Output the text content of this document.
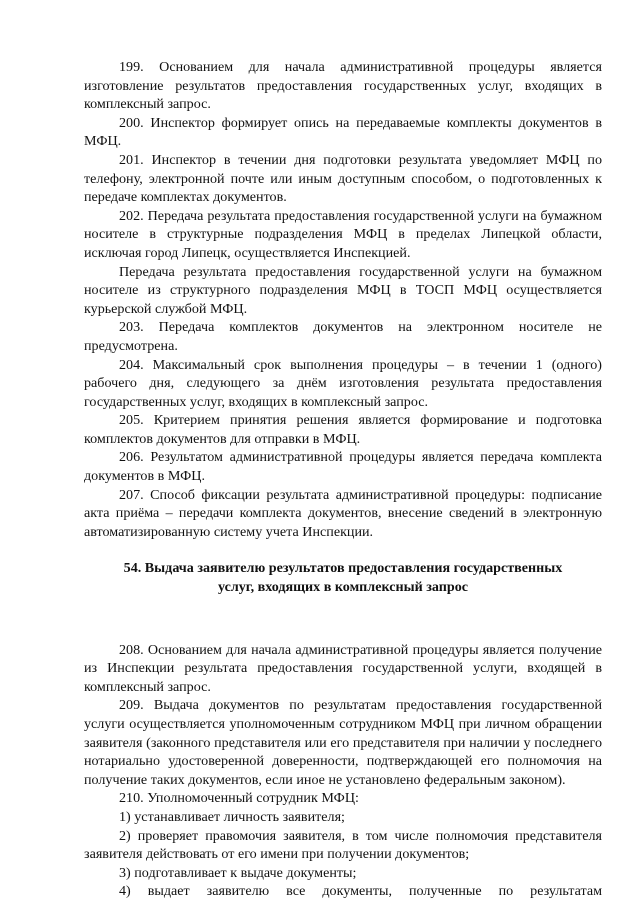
199. Основанием для начала административной процедуры является изготовление результатов предоставления государственных услуг, входящих в комплексный запрос.

200. Инспектор формирует опись на передаваемые комплекты документов в МФЦ.

201. Инспектор в течении дня подготовки результата уведомляет МФЦ по телефону, электронной почте или иным доступным способом, о подготовленных к передаче комплектах документов.

202. Передача результата предоставления государственной услуги на бумажном носителе в структурные подразделения МФЦ в пределах Липецкой области, исключая город Липецк, осуществляется Инспекцией.

Передача результата предоставления государственной услуги на бумажном носителе из структурного подразделения МФЦ в ТОСП МФЦ осуществляется курьерской службой МФЦ.

203. Передача комплектов документов на электронном носителе не предусмотрена.

204. Максимальный срок выполнения процедуры – в течении 1 (одного) рабочего дня, следующего за днём изготовления результата предоставления государственных услуг, входящих в комплексный запрос.

205. Критерием принятия решения является формирование и подготовка комплектов документов для отправки в МФЦ.

206. Результатом административной процедуры является передача комплекта документов в МФЦ.

207. Способ фиксации результата административной процедуры: подписание акта приёма – передачи комплекта документов, внесение сведений в электронную автоматизированную систему учета Инспекции.

54. Выдача заявителю результатов предоставления государственных услуг, входящих в комплексный запрос

208. Основанием для начала административной процедуры является получение из Инспекции результата предоставления государственной услуги, входящей в комплексный запрос.

209. Выдача документов по результатам предоставления государственной услуги осуществляется уполномоченным сотрудником МФЦ при личном обращении заявителя (законного представителя или его представителя при наличии у последнего нотариально удостоверенной доверенности, подтверждающей его полномочия на получение таких документов, если иное не установлено федеральным законом).

210. Уполномоченный сотрудник МФЦ:

1) устанавливает личность заявителя;

2) проверяет правомочия заявителя, в том числе полномочия представителя заявителя действовать от его имени при получении документов;

3) подготавливает к выдаче документы;

4) выдает заявителю все документы, полученные по результатам
